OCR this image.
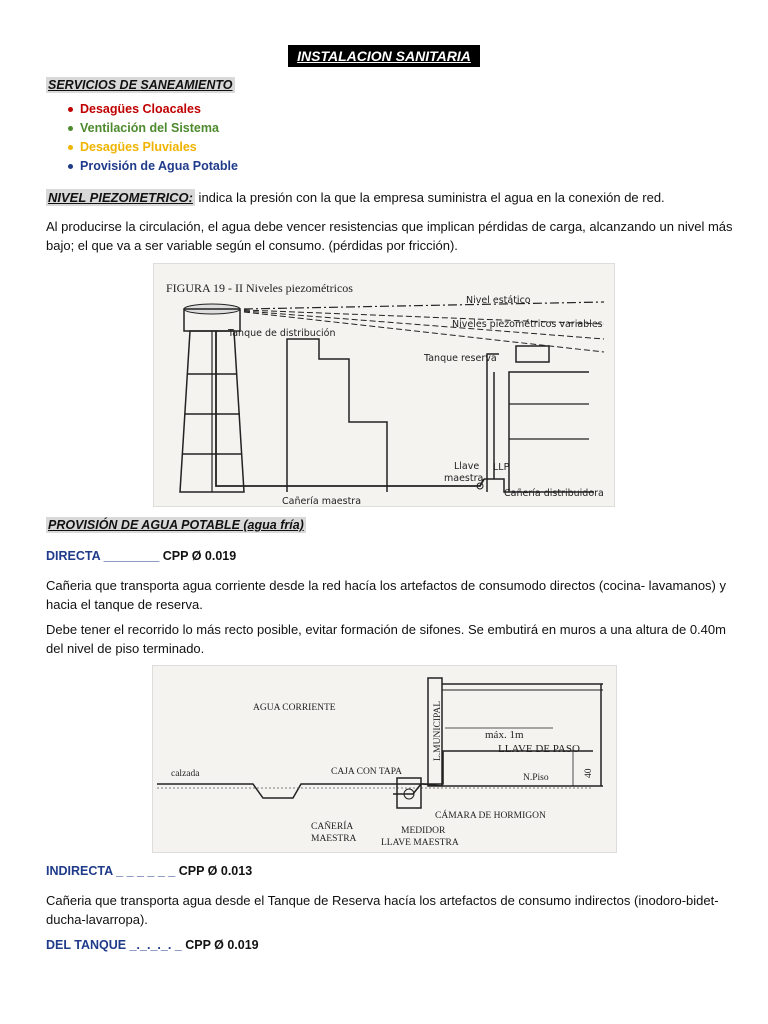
INSTALACION SANITARIA
SERVICIOS DE SANEAMIENTO
Desagües Cloacales
Ventilación del Sistema
Desagües Pluviales
Provisión de Agua Potable
NIVEL PIEZOMETRICO: indica la presión con la que la empresa suministra el agua en la conexión de red.
Al producirse la circulación, el agua debe vencer resistencias que implican pérdidas de carga, alcanzando un nivel más bajo; el que va a ser variable según el consumo. (pérdidas por fricción).
FIGURA 19 - II Niveles piezométricos
Nivel estático
Niveles piezométricos variables
Tanque de distribución
Tanque reserva
Llave
maestra
LLP
Cañería maestra
Cañería distribuidora
PROVISIÓN DE AGUA POTABLE (agua fría)
DIRECTA ________ CPP Ø 0.019
Cañeria que transporta agua corriente desde la red hacía los artefactos de consumodo directos (cocina- lavamanos) y hacia el tanque de reserva.
Debe tener el recorrido lo más recto posible, evitar formación de sifones. Se embutirá en muros a una altura de 0.40m del nivel de piso terminado.
AGUA CORRIENTE	L.MUNICIPAL	máx. 1m
LLAVE DE PASO
calzada	CAJA CON TAPA	40
N.Piso
CÁMARA DE HORMIGON
CAÑERÍA
MAESTRA
MEDIDOR
LLAVE MAESTRA
INDIRECTA _ _ _ _ _ _ CPP Ø 0.013
Cañeria que transporta agua desde el Tanque de Reserva hacía los artefactos de consumo indirectos (inodoro-bidet-ducha-lavarropa).
DEL TANQUE _._._._. _ CPP Ø 0.019
